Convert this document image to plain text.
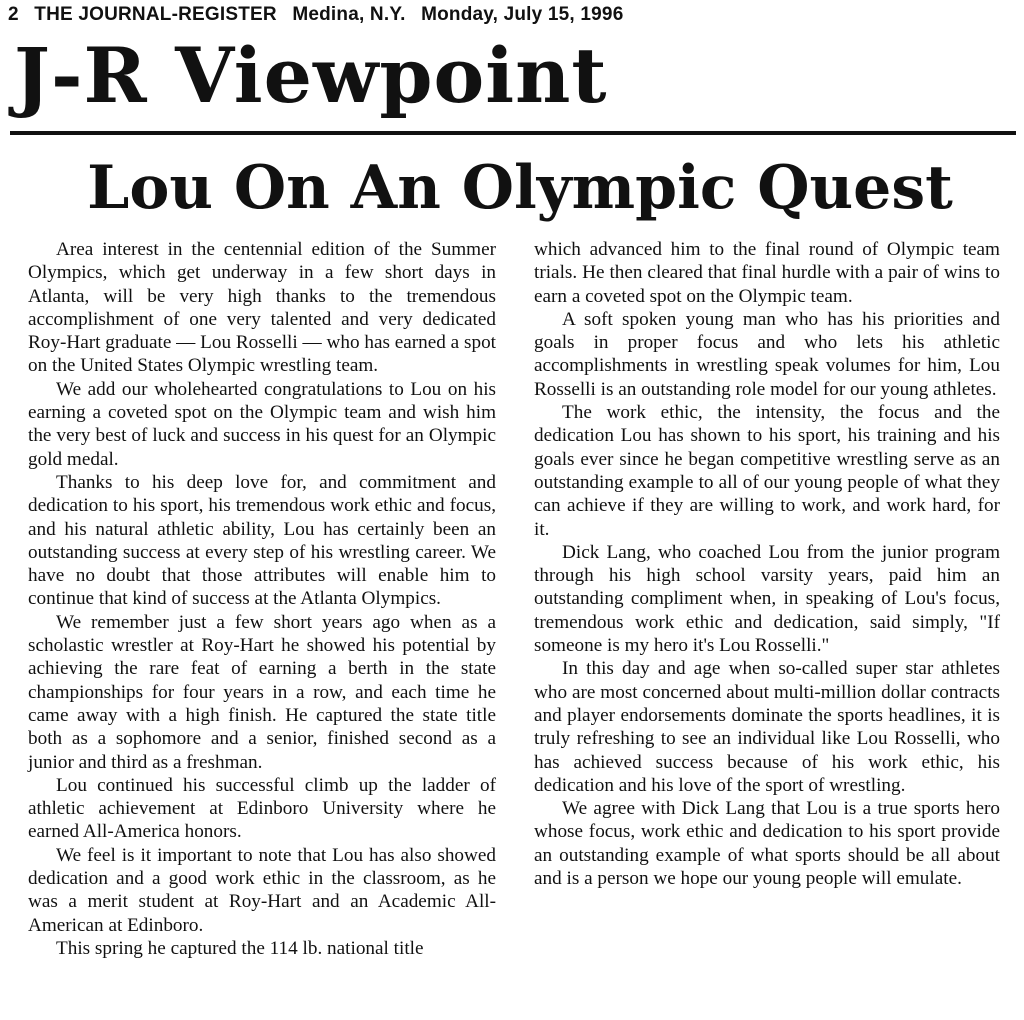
2 THE JOURNAL-REGISTER Medina, N.Y. Monday, July 15, 1996
J-R Viewpoint
Lou On An Olympic Quest

Area interest in the centennial edition of the Summer Olympics, which get underway in a few short days in Atlanta, will be very high thanks to the tremendous accomplishment of one very talented and very dedicated Roy-Hart graduate — Lou Rosselli — who has earned a spot on the United States Olympic wrestling team.

We add our wholehearted congratulations to Lou on his earning a coveted spot on the Olympic team and wish him the very best of luck and success in his quest for an Olympic gold medal.

Thanks to his deep love for, and commitment and dedication to his sport, his tremendous work ethic and focus, and his natural athletic ability, Lou has certainly been an outstanding success at every step of his wrestling career. We have no doubt that those attributes will enable him to continue that kind of success at the Atlanta Olympics.

We remember just a few short years ago when as a scholastic wrestler at Roy-Hart he showed his potential by achieving the rare feat of earning a berth in the state championships for four years in a row, and each time he came away with a high finish. He captured the state title both as a sophomore and a senior, finished second as a junior and third as a freshman.

Lou continued his successful climb up the ladder of athletic achievement at Edinboro University where he earned All-America honors.

We feel is it important to note that Lou has also showed dedication and a good work ethic in the classroom, as he was a merit student at Roy-Hart and an Academic All-American at Edinboro.

This spring he captured the 114 lb. national title

which advanced him to the final round of Olympic team trials. He then cleared that final hurdle with a pair of wins to earn a coveted spot on the Olympic team.

A soft spoken young man who has his priorities and goals in proper focus and who lets his athletic accomplishments in wrestling speak volumes for him, Lou Rosselli is an outstanding role model for our young athletes.

The work ethic, the intensity, the focus and the dedication Lou has shown to his sport, his training and his goals ever since he began competitive wrestling serve as an outstanding example to all of our young people of what they can achieve if they are willing to work, and work hard, for it.

Dick Lang, who coached Lou from the junior program through his high school varsity years, paid him an outstanding compliment when, in speaking of Lou's focus, tremendous work ethic and dedication, said simply, "If someone is my hero it's Lou Rosselli."

In this day and age when so-called super star athletes who are most concerned about multi-million dollar contracts and player endorsements dominate the sports headlines, it is truly refreshing to see an individual like Lou Rosselli, who has achieved success because of his work ethic, his dedication and his love of the sport of wrestling.

We agree with Dick Lang that Lou is a true sports hero whose focus, work ethic and dedication to his sport provide an outstanding example of what sports should be all about and is a person we hope our young people will emulate.
